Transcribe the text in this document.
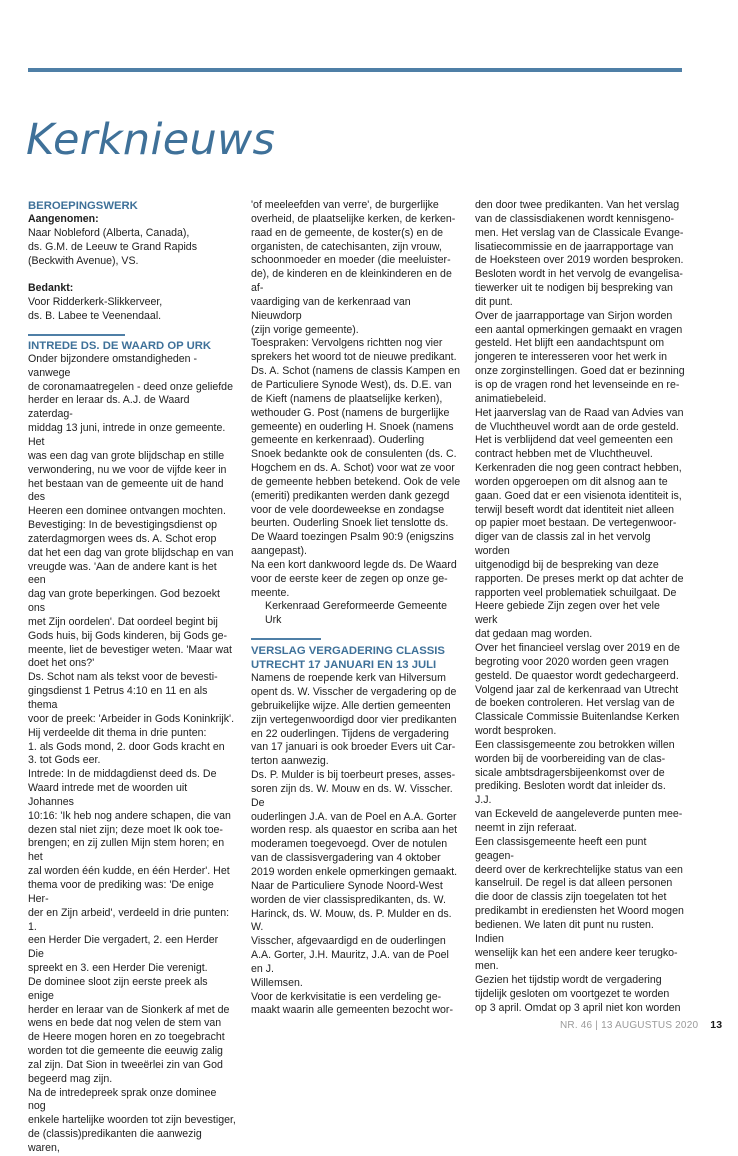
Kerknieuws

BEROEPINGSWERK

Aangenomen:

Naar Nobleford (Alberta, Canada),

ds. G.M. de Leeuw te Grand Rapids

(Beckwith Avenue), VS.

Bedankt:

Voor Ridderkerk-Slikkerveer,

ds. B. Labee te Veenendaal.

INTREDE DS. DE WAARD OP URK

Onder bijzondere omstandigheden - vanwege

de coronamaatregelen - deed onze geliefde

herder en leraar ds. A.J. de Waard zaterdag-

middag 13 juni, intrede in onze gemeente. Het

was een dag van grote blijdschap en stille

verwondering, nu we voor de vijfde keer in

het bestaan van de gemeente uit de hand des

Heeren een dominee ontvangen mochten.

Bevestiging: In de bevestigingsdienst op

zaterdagmorgen wees ds. A. Schot erop

dat het een dag van grote blijdschap en van

vreugde was. 'Aan de andere kant is het een

dag van grote beperkingen. God bezoekt ons

met Zijn oordelen'. Dat oordeel begint bij

Gods huis, bij Gods kinderen, bij Gods ge-

meente, liet de bevestiger weten. 'Maar wat

doet het ons?'

Ds. Schot nam als tekst voor de bevesti-

gingsdienst 1 Petrus 4:10 en 11 en als thema

voor de preek: 'Arbeider in Gods Koninkrijk'.

Hij verdeelde dit thema in drie punten:

1. als Gods mond, 2. door Gods kracht en

3. tot Gods eer.

Intrede: In de middagdienst deed ds. De

Waard intrede met de woorden uit Johannes

10:16: 'Ik heb nog andere schapen, die van

dezen stal niet zijn; deze moet Ik ook toe-

brengen; en zij zullen Mijn stem horen; en het

zal worden één kudde, en één Herder'. Het

thema voor de prediking was: 'De enige Her-

der en Zijn arbeid', verdeeld in drie punten: 1.

een Herder Die vergadert, 2. een Herder Die

spreekt en 3. een Herder Die verenigt.

De dominee sloot zijn eerste preek als enige

herder en leraar van de Sionkerk af met de

wens en bede dat nog velen de stem van

de Heere mogen horen en zo toegebracht

worden tot die gemeente die eeuwig zalig

zal zijn. Dat Sion in tweeërlei zin van God

begeerd mag zijn.

Na de intredepreek sprak onze dominee nog

enkele hartelijke woorden tot zijn bevestiger,

de (classis)predikanten die aanwezig waren,

'of meeleefden van verre', de burgerlijke

overheid, de plaatselijke kerken, de kerken-

raad en de gemeente, de koster(s) en de

organisten, de catechisanten, zijn vrouw,

schoonmoeder en moeder (die meeluister-

de), de kinderen en de kleinkinderen en de af-

vaardiging van de kerkenraad van Nieuwdorp

(zijn vorige gemeente).

Toespraken: Vervolgens richtten nog vier

sprekers het woord tot de nieuwe predikant.

Ds. A. Schot (namens de classis Kampen en

de Particuliere Synode West), ds. D.E. van

de Kieft (namens de plaatselijke kerken),

wethouder G. Post (namens de burgerlijke

gemeente) en ouderling H. Snoek (namens

gemeente en kerkenraad). Ouderling

Snoek bedankte ook de consulenten (ds. C.

Hogchem en ds. A. Schot) voor wat ze voor

de gemeente hebben betekend. Ook de vele

(emeriti) predikanten werden dank gezegd

voor de vele doordeweekse en zondagse

beurten. Ouderling Snoek liet tenslotte ds.

De Waard toezingen Psalm 90:9 (enigszins

aangepast).

Na een kort dankwoord legde ds. De Waard

voor de eerste keer de zegen op onze ge-

meente.

Kerkenraad Gereformeerde Gemeente

Urk

VERSLAG VERGADERING CLASSIS UTRECHT 17 JANUARI EN 13 JULI

Namens de roepende kerk van Hilversum

opent ds. W. Visscher de vergadering op de

gebruikelijke wijze. Alle dertien gemeenten

zijn vertegenwoordigd door vier predikanten

en 22 ouderlingen. Tijdens de vergadering

van 17 januari is ook broeder Evers uit Car-

terton aanwezig.

Ds. P. Mulder is bij toerbeurt preses, asses-

soren zijn ds. W. Mouw en ds. W. Visscher. De

ouderlingen J.A. van de Poel en A.A. Gorter

worden resp. als quaestor en scriba aan het

moderamen toegevoegd. Over de notulen

van de classisvergadering van 4 oktober

2019 worden enkele opmerkingen gemaakt.

Naar de Particuliere Synode Noord-West

worden de vier classispredikanten, ds. W.

Harinck, ds. W. Mouw, ds. P. Mulder en ds. W.

Visscher, afgevaardigd en de ouderlingen

A.A. Gorter, J.H. Mauritz, J.A. van de Poel en J.

Willemsen.

Voor de kerkvisitatie is een verdeling ge-

maakt waarin alle gemeenten bezocht wor-

den door twee predikanten. Van het verslag

van de classisdiakenen wordt kennisgeno-

men. Het verslag van de Classicale Evange-

lisatiecommissie en de jaarrapportage van

de Hoeksteen over 2019 worden besproken.

Besloten wordt in het vervolg de evangelisa-

tiewerker uit te nodigen bij bespreking van

dit punt.

Over de jaarrapportage van Sirjon worden

een aantal opmerkingen gemaakt en vragen

gesteld. Het blijft een aandachtspunt om

jongeren te interesseren voor het werk in

onze zorginstellingen. Goed dat er bezinning

is op de vragen rond het levenseinde en re-

animatiebeleid.

Het jaarverslag van de Raad van Advies van

de Vluchtheuvel wordt aan de orde gesteld.

Het is verblijdend dat veel gemeenten een

contract hebben met de Vluchtheuvel.

Kerkenraden die nog geen contract hebben,

worden opgeroepen om dit alsnog aan te

gaan. Goed dat er een visienota identiteit is,

terwijl beseft wordt dat identiteit niet alleen

op papier moet bestaan. De vertegenwoor-

diger van de classis zal in het vervolg worden

uitgenodigd bij de bespreking van deze

rapporten. De preses merkt op dat achter de

rapporten veel problematiek schuilgaat. De

Heere gebiede Zijn zegen over het vele werk

dat gedaan mag worden.

Over het financieel verslag over 2019 en de

begroting voor 2020 worden geen vragen

gesteld. De quaestor wordt gedechargeerd.

Volgend jaar zal de kerkenraad van Utrecht

de boeken controleren. Het verslag van de

Classicale Commissie Buitenlandse Kerken

wordt besproken.

Een classisgemeente zou betrokken willen

worden bij de voorbereiding van de clas-

sicale ambtsdragersbijeenkomst over de

prediking. Besloten wordt dat inleider ds. J.J.

van Eckeveld de aangeleverde punten mee-

neemt in zijn referaat.

Een classisgemeente heeft een punt geagen-

deerd over de kerkrechtelijke status van een

kanselruil. De regel is dat alleen personen

die door de classis zijn toegelaten tot het

predikambt in erediensten het Woord mogen

bedienen. We laten dit punt nu rusten. Indien

wenselijk kan het een andere keer terugko-

men.

Gezien het tijdstip wordt de vergadering

tijdelijk gesloten om voortgezet te worden

op 3 april. Omdat op 3 april niet kon worden

NR. 46 | 13 AUGUSTUS 2020 13
